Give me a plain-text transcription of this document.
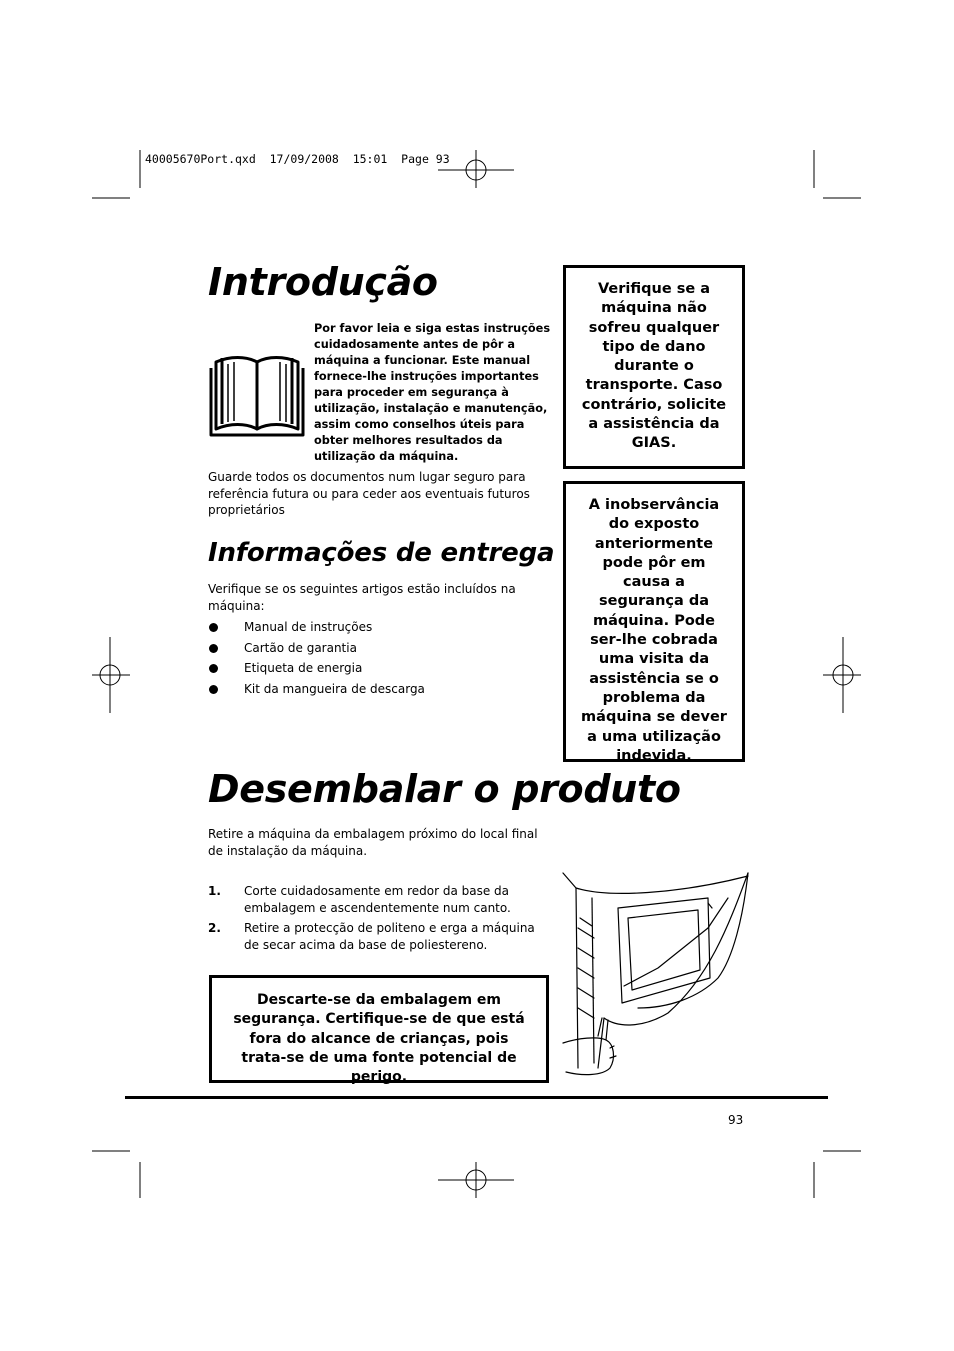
40005670Port.qxd  17/09/2008  15:01  Page 93
Introdução
Por favor leia e siga estas instruções cuidadosamente antes de pôr a máquina a funcionar. Este manual fornece-lhe instruções importantes para proceder em segurança à utilização, instalação e manutenção, assim como conselhos úteis para obter melhores resultados da utilização da máquina.
Guarde todos os documentos num lugar seguro para referência futura ou para ceder aos eventuais futuros proprietários
Informações de entrega
Verifique se os seguintes artigos estão incluídos na máquina:
Manual de instruções
Cartão de garantia
Etiqueta de energia
Kit da mangueira de descarga
Verifique se a máquina não sofreu qualquer tipo de dano durante o transporte. Caso contrário, solicite a assistência da GIAS.
A inobservância do exposto anteriormente pode pôr em causa a segurança da máquina. Pode ser-lhe cobrada uma visita da assistência se o problema da máquina se dever a uma utilização indevida.
Desembalar o produto
Retire a máquina da embalagem próximo do local final de instalação da máquina.
1. Corte cuidadosamente em redor da base da embalagem e ascendentemente num canto.
2. Retire a protecção de politeno e erga a máquina de secar acima da base de poliestereno.
Descarte-se da embalagem em segurança. Certifique-se de que está fora do alcance de crianças, pois trata-se de uma fonte potencial de perigo.
93
